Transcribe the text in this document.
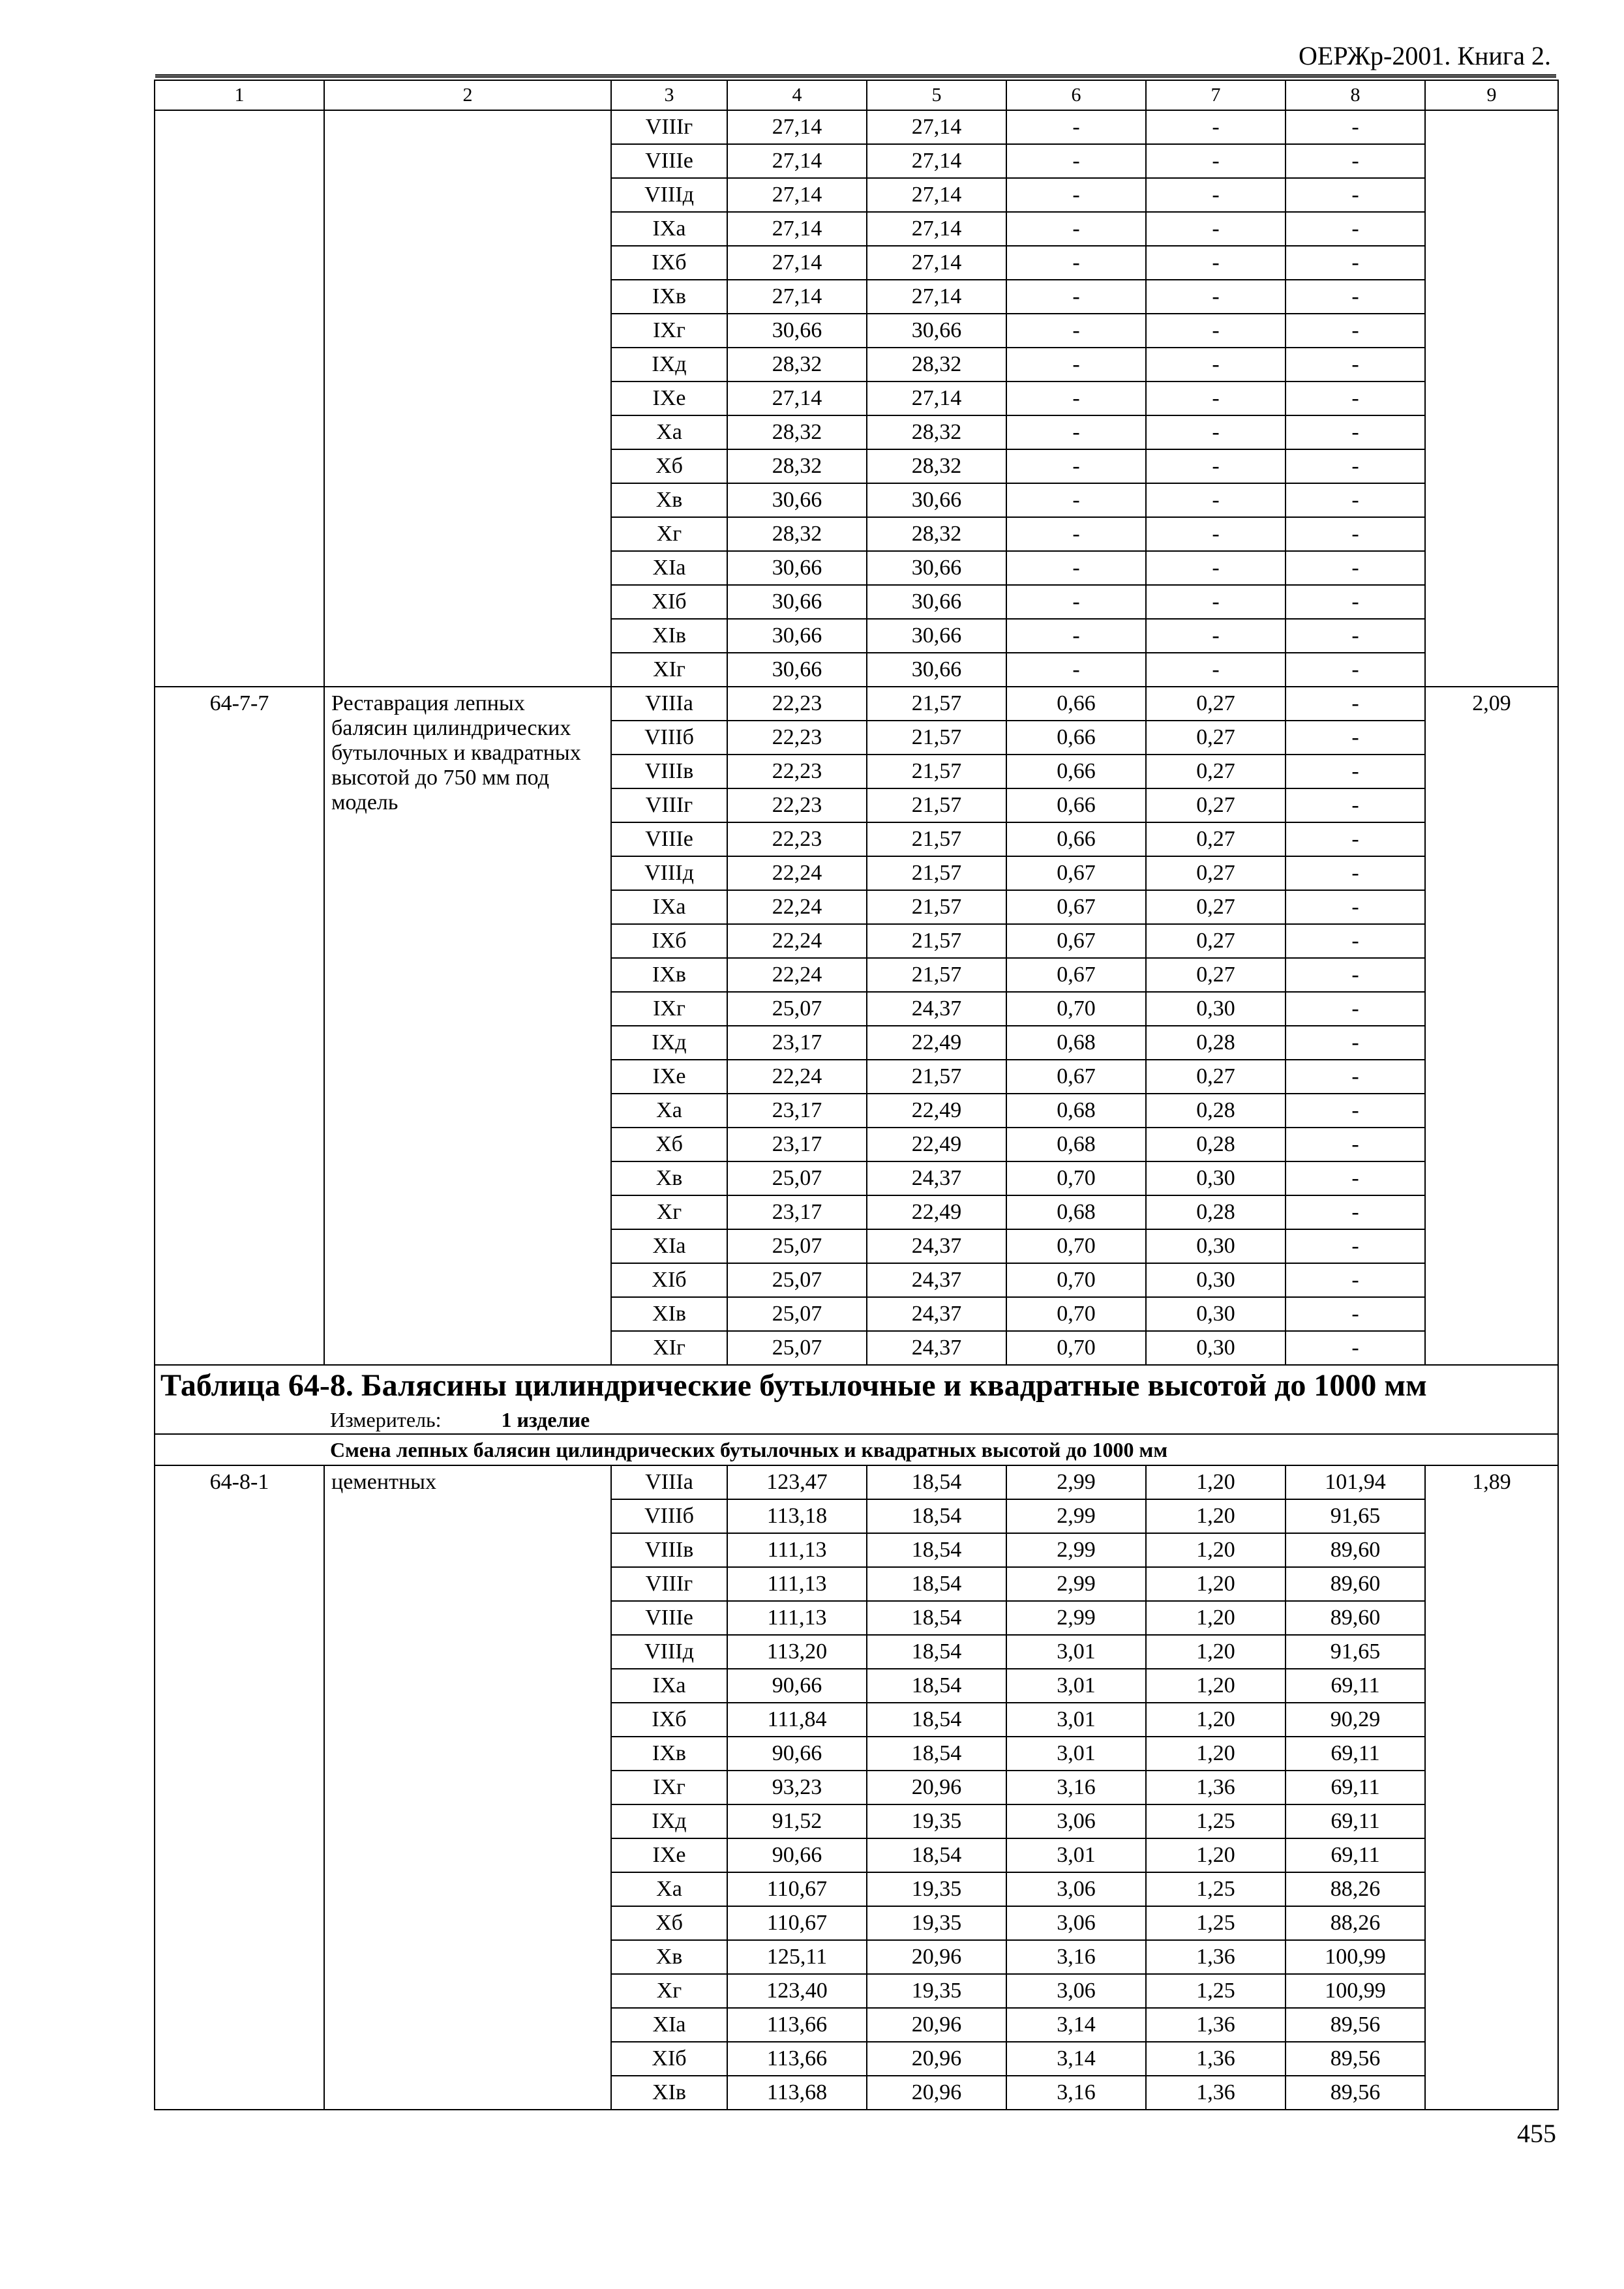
ОЕРЖр-2001. Книга 2.
1	2	3	4	5	6	7	8	9
		VIIIг	27,14	27,14	-	-	-	
		VIIIе	27,14	27,14	-	-	-	
		VIIIд	27,14	27,14	-	-	-	
		IXа	27,14	27,14	-	-	-	
		IXб	27,14	27,14	-	-	-	
		IXв	27,14	27,14	-	-	-	
		IXг	30,66	30,66	-	-	-	
		IXд	28,32	28,32	-	-	-	
		IXе	27,14	27,14	-	-	-	
		Xа	28,32	28,32	-	-	-	
		Xб	28,32	28,32	-	-	-	
		Xв	30,66	30,66	-	-	-	
		Xг	28,32	28,32	-	-	-	
		XIа	30,66	30,66	-	-	-	
		XIб	30,66	30,66	-	-	-	
		XIв	30,66	30,66	-	-	-	
		XIг	30,66	30,66	-	-	-	
64-7-7	Реставрация лепных балясин цилиндрических бутылочных и квадратных высотой до 750 мм под модель	VIIIа	22,23	21,57	0,66	0,27	-	2,09
		VIIIб	22,23	21,57	0,66	0,27	-	
		VIIIв	22,23	21,57	0,66	0,27	-	
		VIIIг	22,23	21,57	0,66	0,27	-	
		VIIIе	22,23	21,57	0,66	0,27	-	
		VIIIд	22,24	21,57	0,67	0,27	-	
		IXа	22,24	21,57	0,67	0,27	-	
		IXб	22,24	21,57	0,67	0,27	-	
		IXв	22,24	21,57	0,67	0,27	-	
		IXг	25,07	24,37	0,70	0,30	-	
		IXд	23,17	22,49	0,68	0,28	-	
		IXе	22,24	21,57	0,67	0,27	-	
		Xа	23,17	22,49	0,68	0,28	-	
		Xб	23,17	22,49	0,68	0,28	-	
		Xв	25,07	24,37	0,70	0,30	-	
		Xг	23,17	22,49	0,68	0,28	-	
		XIа	25,07	24,37	0,70	0,30	-	
		XIб	25,07	24,37	0,70	0,30	-	
		XIв	25,07	24,37	0,70	0,30	-	
		XIг	25,07	24,37	0,70	0,30	-	
Таблица 64-8. Балясины цилиндрические бутылочные и квадратные высотой до 1000 мм								
Измеритель: 1 изделие								
Смена лепных балясин цилиндрических бутылочных и квадратных высотой до 1000 мм								
64-8-1	цементных	VIIIа	123,47	18,54	2,99	1,20	101,94	1,89
		VIIIб	113,18	18,54	2,99	1,20	91,65	
		VIIIв	111,13	18,54	2,99	1,20	89,60	
		VIIIг	111,13	18,54	2,99	1,20	89,60	
		VIIIе	111,13	18,54	2,99	1,20	89,60	
		VIIIд	113,20	18,54	3,01	1,20	91,65	
		IXа	90,66	18,54	3,01	1,20	69,11	
		IXб	111,84	18,54	3,01	1,20	90,29	
		IXв	90,66	18,54	3,01	1,20	69,11	
		IXг	93,23	20,96	3,16	1,36	69,11	
		IXд	91,52	19,35	3,06	1,25	69,11	
		IXе	90,66	18,54	3,01	1,20	69,11	
		Xа	110,67	19,35	3,06	1,25	88,26	
		Xб	110,67	19,35	3,06	1,25	88,26	
		Xв	125,11	20,96	3,16	1,36	100,99	
		Xг	123,40	19,35	3,06	1,25	100,99	
		XIа	113,66	20,96	3,14	1,36	89,56	
		XIб	113,66	20,96	3,14	1,36	89,56	
		XIв	113,68	20,96	3,16	1,36	89,56	
455
